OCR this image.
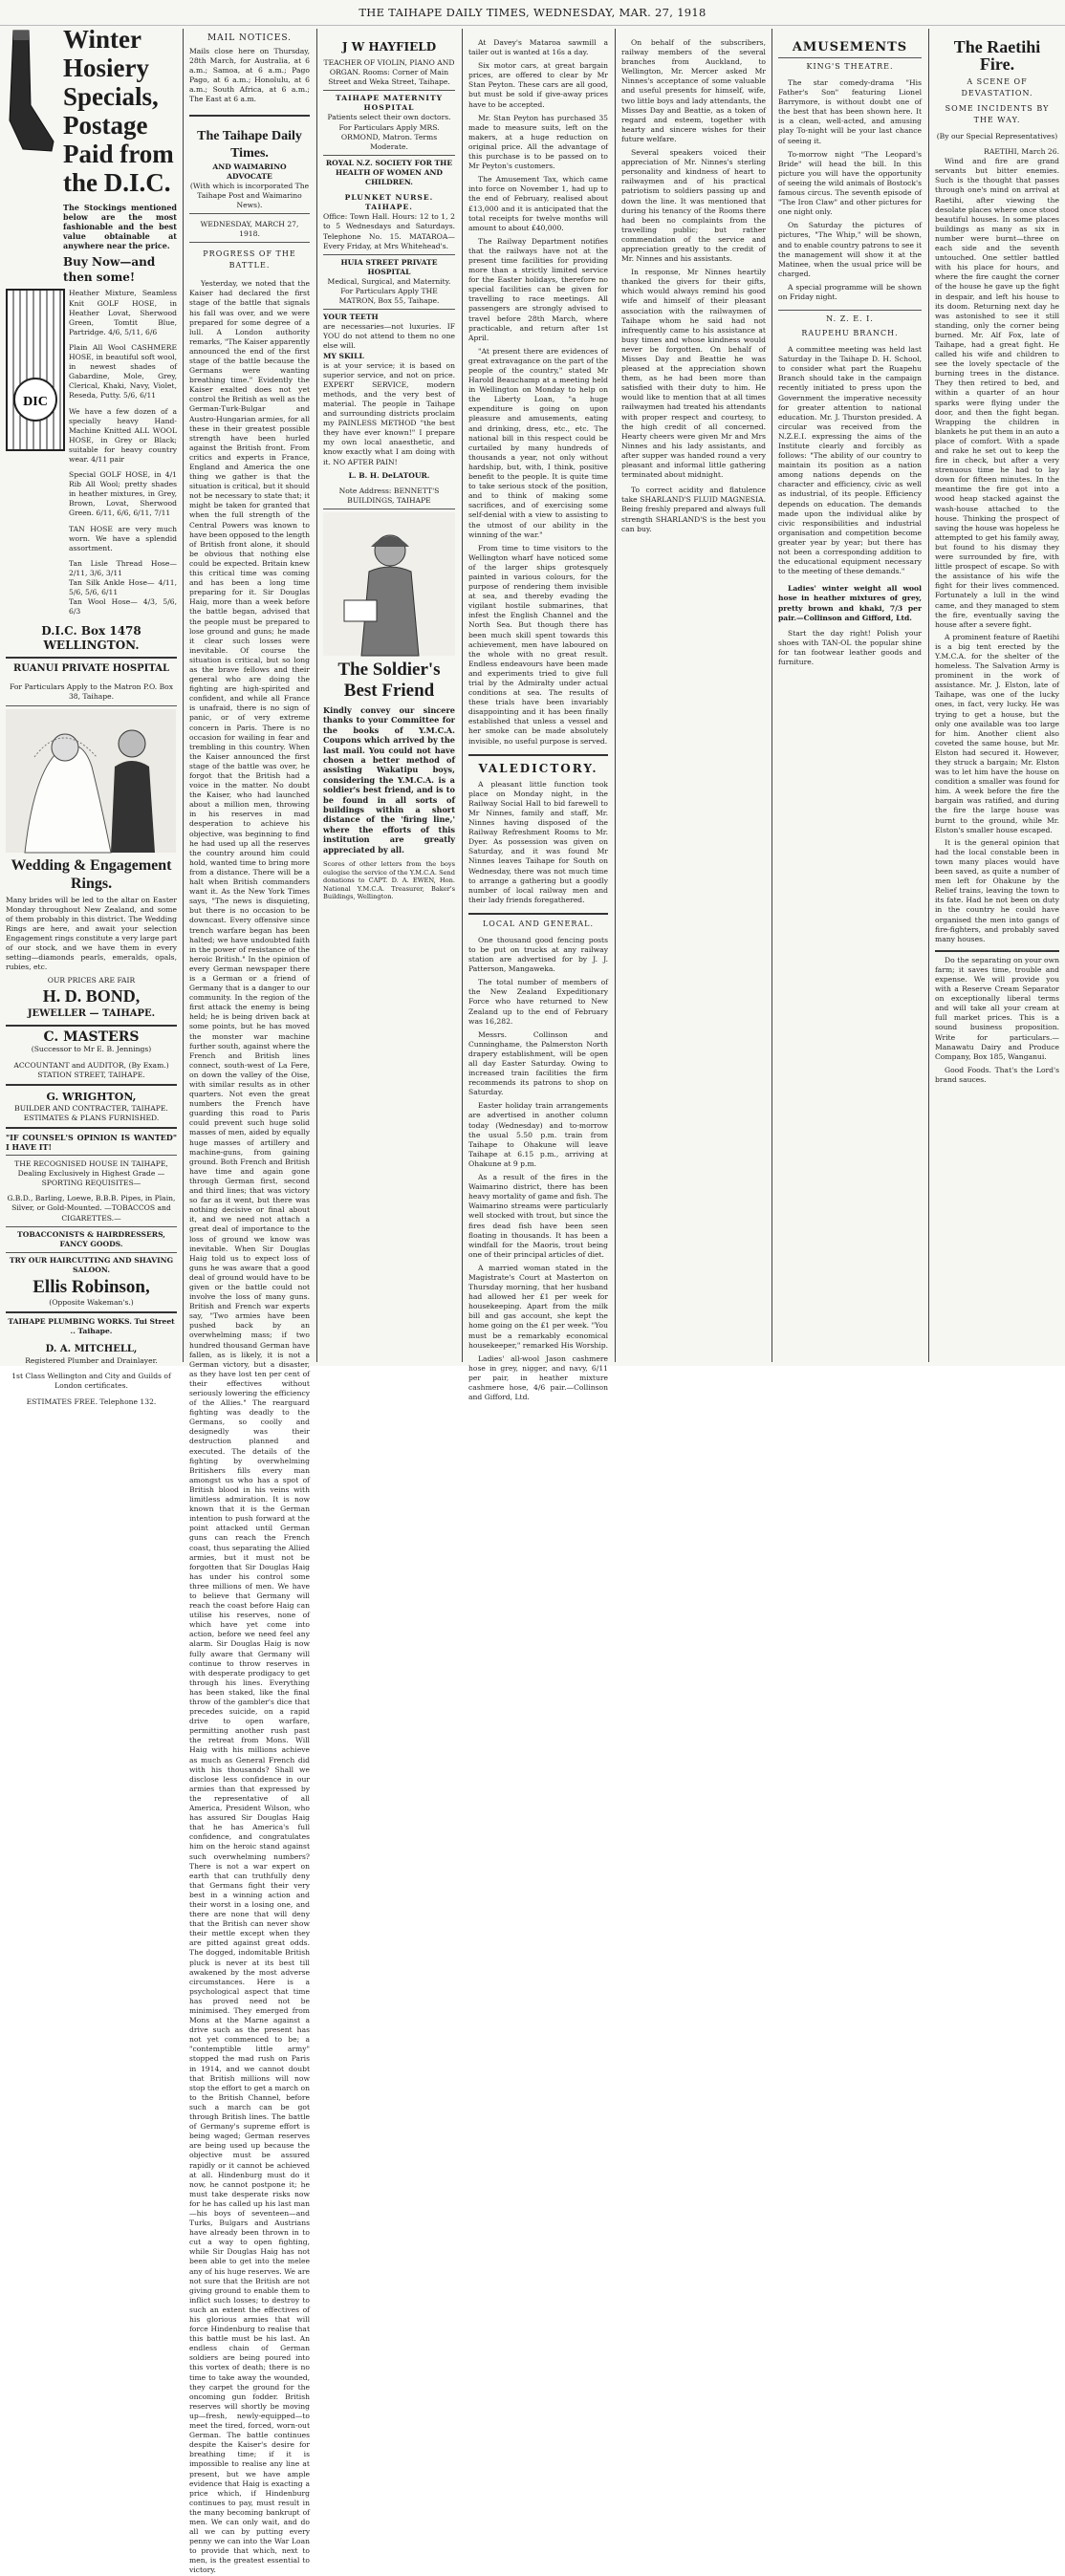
THE TAIHAPE DAILY TIMES, WEDNESDAY, MAR. 27, 1918
Winter Hosiery Specials, Postage Paid from the D.I.C.
The Stockings mentioned below are the most fashionable and the best value obtainable at anywhere near the price.
Buy Now—and then some!
DIC
Heather Mixture, Seamless Knit GOLF HOSE, in Heather Lovat, Sherwood Green, Tomtit Blue, Partridge. 4/6, 5/11, 6/6
Plain All Wool CASHMERE HOSE, in beautiful soft wool, in newest shades of Gabardine, Mole, Grey, Clerical, Khaki, Navy, Violet, Reseda, Putty. 5/6, 6/11
We have a few dozen of a specially heavy Hand-Machine Knitted ALL WOOL HOSE, in Grey or Black; suitable for heavy country wear. 4/11 pair
Special GOLF HOSE, in 4/1 Rib All Wool; pretty shades in heather mixtures, in Grey, Brown, Lovat, Sherwood Green. 6/11, 6/6, 6/11, 7/11
TAN HOSE are very much worn. We have a splendid assortment.
Tan Lisle Thread Hose— 2/11, 3/6, 3/11
Tan Silk Ankle Hose— 4/11, 5/6, 5/6, 6/11
Tan Wool Hose— 4/3, 5/6, 6/3
D.I.C. Box 1478 WELLINGTON.
RUANUI PRIVATE HOSPITAL
For Particulars Apply to the Matron P.O. Box 38, Taihape.
Wedding & Engagement Rings.
Many brides will be led to the altar on Easter Monday throughout New Zealand, and some of them probably in this district. The Wedding Rings are here, and await your selection Engagement rings constitute a very large part of our stock, and we have them in every setting—diamonds pearls, emeralds, opals, rubies, etc.
OUR PRICES ARE FAIR
H. D. BOND,
JEWELLER — TAIHAPE.
C. MASTERS
(Successor to Mr E. B. Jennings)
ACCOUNTANT and AUDITOR, (By Exam.) STATION STREET, TAIHAPE.
G. WRIGHTON,
BUILDER AND CONTRACTER, TAIHAPE. ESTIMATES & PLANS FURNISHED.
"IF COUNSEL'S OPINION IS WANTED" I HAVE IT!
THE RECOGNISED HOUSE IN TAIHAPE, Dealing Exclusively in Highest Grade —SPORTING REQUISITES—
G.B.D., Barling, Loewe, B.B.B. Pipes, in Plain, Silver, or Gold-Mounted. —TOBACCOS and CIGARETTES.—
TOBACCONISTS & HAIRDRESSERS, FANCY GOODS.
TRY OUR HAIRCUTTING AND SHAVING SALOON.
Ellis Robinson,
(Opposite Wakeman's.)
TAIHAPE PLUMBING WORKS. Tui Street .. Taihape.
D. A. MITCHELL,
Registered Plumber and Drainlayer.
1st Class Wellington and City and Guilds of London certificates.
ESTIMATES FREE. Telephone 132.
MAIL NOTICES.
Mails close here on Thursday, 28th March, for Australia, at 6 a.m.; Samoa, at 6 a.m.; Pago Pago, at 6 a.m.; Honolulu, at 6 a.m.; South Africa, at 6 a.m.; The East at 6 a.m.
The Taihape Daily Times.
AND WAIMARINO ADVOCATE
(With which is incorporated The Taihape Post and Waimarino News).
WEDNESDAY, MARCH 27, 1918.
PROGRESS OF THE BATTLE.
Yesterday, we noted that the Kaiser had declared the first stage of the battle that signals his fall was over, and we were prepared for some degree of a lull. A London authority remarks, "The Kaiser apparently announced the end of the first stage of the battle because the Germans were wanting breathing time." Evidently the Kaiser exalted does not yet control the British as well as the German-Turk-Bulgar and Austro-Hungarian armies, for all these in their greatest possible strength have been hurled against the British front. From critics and experts in France, England and America the one thing we gather is that the situation is critical, but it should not be necessary to state that; it might be taken for granted that when the full strength of the Central Powers was known to have been opposed to the length of British front alone, it should be obvious that nothing else could be expected. Britain knew this critical time was coming and has been a long time preparing for it. Sir Douglas Haig, more than a week before the battle began, advised that the people must be prepared to lose ground and guns; he made it clear such losses were inevitable. Of course the situation is critical, but so long as the brave fellows and their general who are doing the fighting are high-spirited and confident, and while all France is unafraid, there is no sign of panic, or of very extreme concern in Paris. There is no occasion for wailing in fear and trembling in this country. When the Kaiser announced the first stage of the battle was over, he forgot that the British had a voice in the matter. No doubt the Kaiser, who had launched about a million men, throwing in his reserves in mad desperation to achieve his objective, was beginning to find he had used up all the reserves the country around him could hold, wanted time to bring more from a distance. There will be a halt when British commanders want it. As the New York Times says, "The news is disquieting, but there is no occasion to be downcast. Every offensive since trench warfare began has been halted; we have undoubted faith in the power of resistance of the heroic British." In the opinion of every German newspaper there is a German or a friend of Germany that is a danger to our community. In the region of the first attack the enemy is being held; he is being driven back at some points, but he has moved the monster war machine further south, against where the French and British lines connect, south-west of La Fere, on down the valley of the Oise, with similar results as in other quarters. Not even the great numbers the French have guarding this road to Paris could prevent such huge solid masses of men, aided by equally huge masses of artillery and machine-guns, from gaining ground. Both French and British have time and again gone through German first, second and third lines; that was victory so far as it went, but there was nothing decisive or final about it, and we need not attach a great deal of importance to the loss of ground we know was inevitable. When Sir Douglas Haig told us to expect loss of guns he was aware that a good deal of ground would have to be given or the battle could not involve the loss of many guns. British and French war experts say, "Two armies have been pushed back by an overwhelming mass; if two hundred thousand German have fallen, as is likely, it is not a German victory, but a disaster, as they have lost ten per cent of their effectives without seriously lowering the efficiency of the Allies." The rearguard fighting was deadly to the Germans, so coolly and designedly was their destruction planned and executed. The details of the fighting by overwhelming Britishers fills every man amongst us who has a spot of British blood in his veins with limitless admiration. It is now known that it is the German intention to push forward at the point attacked until German guns can reach the French coast, thus separating the Allied armies, but it must not be forgotten that Sir Douglas Haig has under his control some three millions of men. We have to believe that Germany will reach the coast before Haig can utilise his reserves, none of which have yet come into action, before we need feel any alarm. Sir Douglas Haig is now fully aware that Germany will continue to throw reserves in with desperate prodigacy to get through his lines. Everything has been staked, like the final throw of the gambler's dice that precedes suicide, on a rapid drive to open warfare, permitting another rush past the retreat from Mons. Will Haig with his millions achieve as much as General French did with his thousands? Shall we disclose less confidence in our armies than that expressed by the representative of all America, President Wilson, who has assured Sir Douglas Haig that he has America's full confidence, and congratulates him on the heroic stand against such overwhelming numbers? There is not a war expert on earth that can truthfully deny that Germans fight their very best in a winning action and their worst in a losing one, and there are none that will deny that the British can never show their mettle except when they are pitted against great odds. The dogged, indomitable British pluck is never at its best till awakened by the most adverse circumstances. Here is a psychological aspect that time has proved need not be minimised. They emerged from Mons at the Marne against a drive such as the present has not yet commenced to be; a "contemptible little army" stopped the mad rush on Paris in 1914, and we cannot doubt that British millions will now stop the effort to get a march on to the British Channel, before such a march can be got through British lines. The battle of Germany's supreme effort is being waged; German reserves are being used up because the objective must be assured rapidly or it cannot be achieved at all. Hindenburg must do it now, he cannot postpone it; he must take desperate risks now for he has called up his last man—his boys of seventeen—and Turks, Bulgars and Austrians have already been thrown in to cut a way to open fighting, while Sir Douglas Haig has not been able to get into the melee any of his huge reserves. We are not sure that the British are not giving ground to enable them to inflict such losses; to destroy to such an extent the effectives of his glorious armies that will force Hindenburg to realise that this battle must be his last. An endless chain of German soldiers are being poured into this vortex of death; there is no time to take away the wounded, they carpet the ground for the oncoming gun fodder. British reserves will shortly be moving up—fresh, newly-equipped—to meet the tired, forced, worn-out German. The battle continues despite the Kaiser's desire for breathing time; if it is impossible to realise any line at present, but we have ample evidence that Haig is exacting a price which, if Hindenburg continues to pay, must result in the many becoming bankrupt of men. We can only wait, and do all we can by putting every penny we can into the War Loan to provide that which, next to men, is the greatest essential to victory.
J W HAYFIELD
TEACHER OF VIOLIN, PIANO AND ORGAN. Rooms: Corner of Main Street and Weka Street, Taihape.
TAIHAPE MATERNITY HOSPITAL
Patients select their own doctors. For Particulars Apply MRS. ORMOND, Matron. Terms Moderate.
ROYAL N.Z. SOCIETY FOR THE HEALTH OF WOMEN AND CHILDREN.
PLUNKET NURSE. TAIHAPE.
Office: Town Hall. Hours: 12 to 1, 2 to 5 Wednesdays and Saturdays. Telephone No. 15. MATAROA—Every Friday, at Mrs Whitehead's.
HUIA STREET PRIVATE HOSPITAL
Medical, Surgical, and Maternity. For Particulars Apply THE MATRON, Box 55, Taihape.
YOUR TEETH
are necessaries—not luxuries. IF YOU do not attend to them no one else will.
MY SKILL
is at your service; it is based on superior service, and not on price. EXPERT SERVICE, modern methods, and the very best of material. The people in Taihape and surrounding districts proclaim my PAINLESS METHOD "the best they have ever known!" I prepare my own local anaesthetic, and know exactly what I am doing with it. NO AFTER PAIN!
L. B. H. DeLATOUR.
Note Address: BENNETT'S BUILDINGS, TAIHAPE
The Soldier's Best Friend
Kindly convey our sincere thanks to your Committee for the books of Y.M.C.A. Coupons which arrived by the last mail. You could not have chosen a better method of assisting Wakatipu boys, considering the Y.M.C.A. is a soldier's best friend, and is to be found in all sorts of buildings within a short distance of the 'firing line,' where the efforts of this institution are greatly appreciated by all.
Scores of other letters from the boys eulogise the service of the Y.M.C.A. Send donations to CAPT. D. A. EWEN, Hon. National Y.M.C.A. Treasurer, Baker's Buildings, Wellington.
At Davey's Mataroa sawmill a tailer out is wanted at 16s a day.
Six motor cars, at great bargain prices, are offered to clear by Mr Stan Peyton. These cars are all good, but must be sold if give-away prices have to be accepted.
Mr. Stan Peyton has purchased 35 made to measure suits, left on the makers, at a huge reduction on original price. All the advantage of this purchase is to be passed on to Mr Peyton's customers.
The Amusement Tax, which came into force on November 1, had up to the end of February, realised about £13,000 and it is anticipated that the total receipts for twelve months will amount to about £40,000.
The Railway Department notifies that the railways have not at the present time facilities for providing more than a strictly limited service for the Easter holidays, therefore no special facilities can be given for travelling to race meetings. All passengers are strongly advised to travel before 28th March, where practicable, and return after 1st April.
"At present there are evidences of great extravagance on the part of the people of the country," stated Mr Harold Beauchamp at a meeting held in Wellington on Monday to help on the Liberty Loan, "a huge expenditure is going on upon pleasure and amusements, eating and drinking, dress, etc., etc. The national bill in this respect could be curtailed by many hundreds of thousands a year, not only without hardship, but, with, I think, positive benefit to the people. It is quite time to take serious stock of the position, and to think of making some sacrifices, and of exercising some self-denial with a view to assisting to the utmost of our ability in the winning of the war."
From time to time visitors to the Wellington wharf have noticed some of the larger ships grotesquely painted in various colours, for the purpose of rendering them invisible at sea, and thereby evading the vigilant hostile submarines, that infest the English Channel and the North Sea. But though there has been much skill spent towards this achievement, men have laboured on the whole with no great result. Endless endeavours have been made and experiments tried to give full trial by the Admiralty under actual conditions at sea. The results of these trials have been invariably disappointing and it has been finally established that unless a vessel and her smoke can be made absolutely invisible, no useful purpose is served.
VALEDICTORY.
A pleasant little function took place on Monday night, in the Railway Social Hall to bid farewell to Mr Ninnes, family and staff, Mr. Ninnes having disposed of the Railway Refreshment Rooms to Mr. Dyer. As possession was given on Saturday, and it was found Mr Ninnes leaves Taihape for South on Wednesday, there was not much time to arrange a gathering but a goodly number of local railway men and their lady friends foregathered.
LOCAL AND GENERAL.
One thousand good fencing posts to be put on trucks at any railway station are advertised for by J. J. Patterson, Mangaweka.
The total number of members of the New Zealand Expeditionary Force who have returned to New Zealand up to the end of February was 16,282.
Messrs. Collinson and Cunninghame, the Palmerston North drapery establishment, will be open all day Easter Saturday. Owing to increased train facilities the firm recommends its patrons to shop on Saturday.
Easter holiday train arrangements are advertised in another column today (Wednesday) and to-morrow the usual 5.50 p.m. train from Taihape to Ohakune will leave Taihape at 6.15 p.m., arriving at Ohakune at 9 p.m.
As a result of the fires in the Waimarino district, there has been heavy mortality of game and fish. The Waimarino streams were particularly well stocked with trout, but since the fires dead fish have been seen floating in thousands. It has been a windfall for the Maoris, trout being one of their principal articles of diet.
A married woman stated in the Magistrate's Court at Masterton on Thursday morning, that her husband had allowed her £1 per week for housekeeping. Apart from the milk bill and gas account, she kept the home going on the £1 per week. "You must be a remarkably economical housekeeper," remarked His Worship.
Ladies' all-wool Jason cashmere hose in grey, nigger, and navy, 6/11 per pair, in heather mixture cashmere hose, 4/6 pair.—Collinson and Gifford, Ltd.
On behalf of the subscribers, railway members of the several branches from Auckland, to Wellington, Mr. Mercer asked Mr Ninnes's acceptance of some valuable and useful presents for himself, wife, two little boys and lady attendants, the Misses Day and Beattie, as a token of regard and esteem, together with hearty and sincere wishes for their future welfare.
Several speakers voiced their appreciation of Mr. Ninnes's sterling personality and kindness of heart to railwaymen and of his practical patriotism to soldiers passing up and down the line. It was mentioned that during his tenancy of the Rooms there had been no complaints from the travelling public; but rather commendation of the service and appreciation greatly to the credit of Mr. Ninnes and his assistants.
In response, Mr Ninnes heartily thanked the givers for their gifts, which would always remind his good wife and himself of their pleasant association with the railwaymen of Taihape whom he said had not infrequently came to his assistance at busy times and whose kindness would never be forgotten. On behalf of Misses Day and Beattie he was pleased at the appreciation shown them, as he had been more than satisfied with their duty to him. He would like to mention that at all times railwaymen had treated his attendants with proper respect and courtesy, to the high credit of all concerned. Hearty cheers were given Mr and Mrs Ninnes and his lady assistants, and after supper was handed round a very pleasant and informal little gathering terminated about midnight.
To correct acidity and flatulence take SHARLAND'S FLUID MAGNESIA. Being freshly prepared and always full strength SHARLAND'S is the best you can buy.
AMUSEMENTS
KING'S THEATRE.
The star comedy-drama "His Father's Son" featuring Lionel Barrymore, is without doubt one of the best that has been shown here. It is a clean, well-acted, and amusing play To-night will be your last chance of seeing it.
To-morrow night "The Leopard's Bride" will head the bill. In this picture you will have the opportunity of seeing the wild animals of Bostock's famous circus. The seventh episode of "The Iron Claw" and other pictures for one night only.
On Saturday the pictures of pictures, "The Whip," will be shown, and to enable country patrons to see it the management will show it at the Matinee, when the usual price will be charged.
A special programme will be shown on Friday night.
N. Z. E. I.
RAUPEHU BRANCH.
A committee meeting was held last Saturday in the Taihape D. H. School, to consider what part the Ruapehu Branch should take in the campaign recently initiated to press upon the Government the imperative necessity for greater attention to national education. Mr. J. Thurston presided. A circular was received from the N.Z.E.I. expressing the aims of the Institute clearly and forcibly as follows: "The ability of our country to maintain its position as a nation among nations depends on the character and efficiency, civic as well as industrial, of its people. Efficiency depends on education. The demands made upon the individual alike by civic responsibilities and industrial organisation and competition become greater year by year; but there has not been a corresponding addition to the educational equipment necessary to the meeting of these demands."
Ladies' winter weight all wool hose in heather mixtures of grey, pretty brown and khaki, 7/3 per pair.—Collinson and Gifford, Ltd.
Start the day right! Polish your shoes with TAN-OL the popular shine for tan footwear leather goods and furniture.
The Raetihi Fire.
A SCENE OF DEVASTATION.
SOME INCIDENTS BY THE WAY.
(By our Special Representatives)
RAETIHI, March 26.
Wind and fire are grand servants but bitter enemies. Such is the thought that passes through one's mind on arrival at Raetihi, after viewing the desolate places where once stood beautiful houses. In some places buildings as many as six in number were burnt—three on each side and the seventh untouched. One settler battled with his place for hours, and where the fire caught the corner of the house he gave up the fight in despair, and left his house to its doom. Returning next day he was astonished to see it still standing, only the corner being burned. Mr. Alf Fox, late of Taihape, had a great fight. He called his wife and children to see the lovely spectacle of the burning trees in the distance. They then retired to bed, and within a quarter of an hour sparks were flying under the door, and then the fight began. Wrapping the children in blankets he put them in an auto a place of comfort. With a spade and rake he set out to keep the fire in check, but after a very strenuous time he had to lay down for fifteen minutes. In the meantime the fire got into a wood heap stacked against the wash-house attached to the house. Thinking the prospect of saving the house was hopeless he attempted to get his family away, but found to his dismay they were surrounded by fire, with little prospect of escape. So with the assistance of his wife the fight for their lives commenced. Fortunately a lull in the wind came, and they managed to stem the fire, eventually saving the house after a severe fight.
A prominent feature of Raetihi is a big tent erected by the Y.M.C.A. for the shelter of the homeless. The Salvation Army is prominent in the work of assistance. Mr. J. Elston, late of Taihape, was one of the lucky ones, in fact, very lucky. He was trying to get a house, but the only one available was too large for him. Another client also coveted the same house, but Mr. Elston had secured it. However, they struck a bargain; Mr. Elston was to let him have the house on condition a smaller was found for him. A week before the fire the bargain was ratified, and during the fire the large house was burnt to the ground, while Mr. Elston's smaller house escaped.
It is the general opinion that had the local constable been in town many places would have been saved, as quite a number of men left for Ohakune by the Relief trains, leaving the town to its fate. Had he not been on duty in the country he could have organised the men into gangs of fire-fighters, and probably saved many houses.
Do the separating on your own farm; it saves time, trouble and expense. We will provide you with a Reserve Cream Separator on exceptionally liberal terms and will take all your cream at full market prices. This is a sound business proposition. Write for particulars.— Manawatu Dairy and Produce Company, Box 185, Wanganui.
Good Foods. That's the Lord's brand sauces.
